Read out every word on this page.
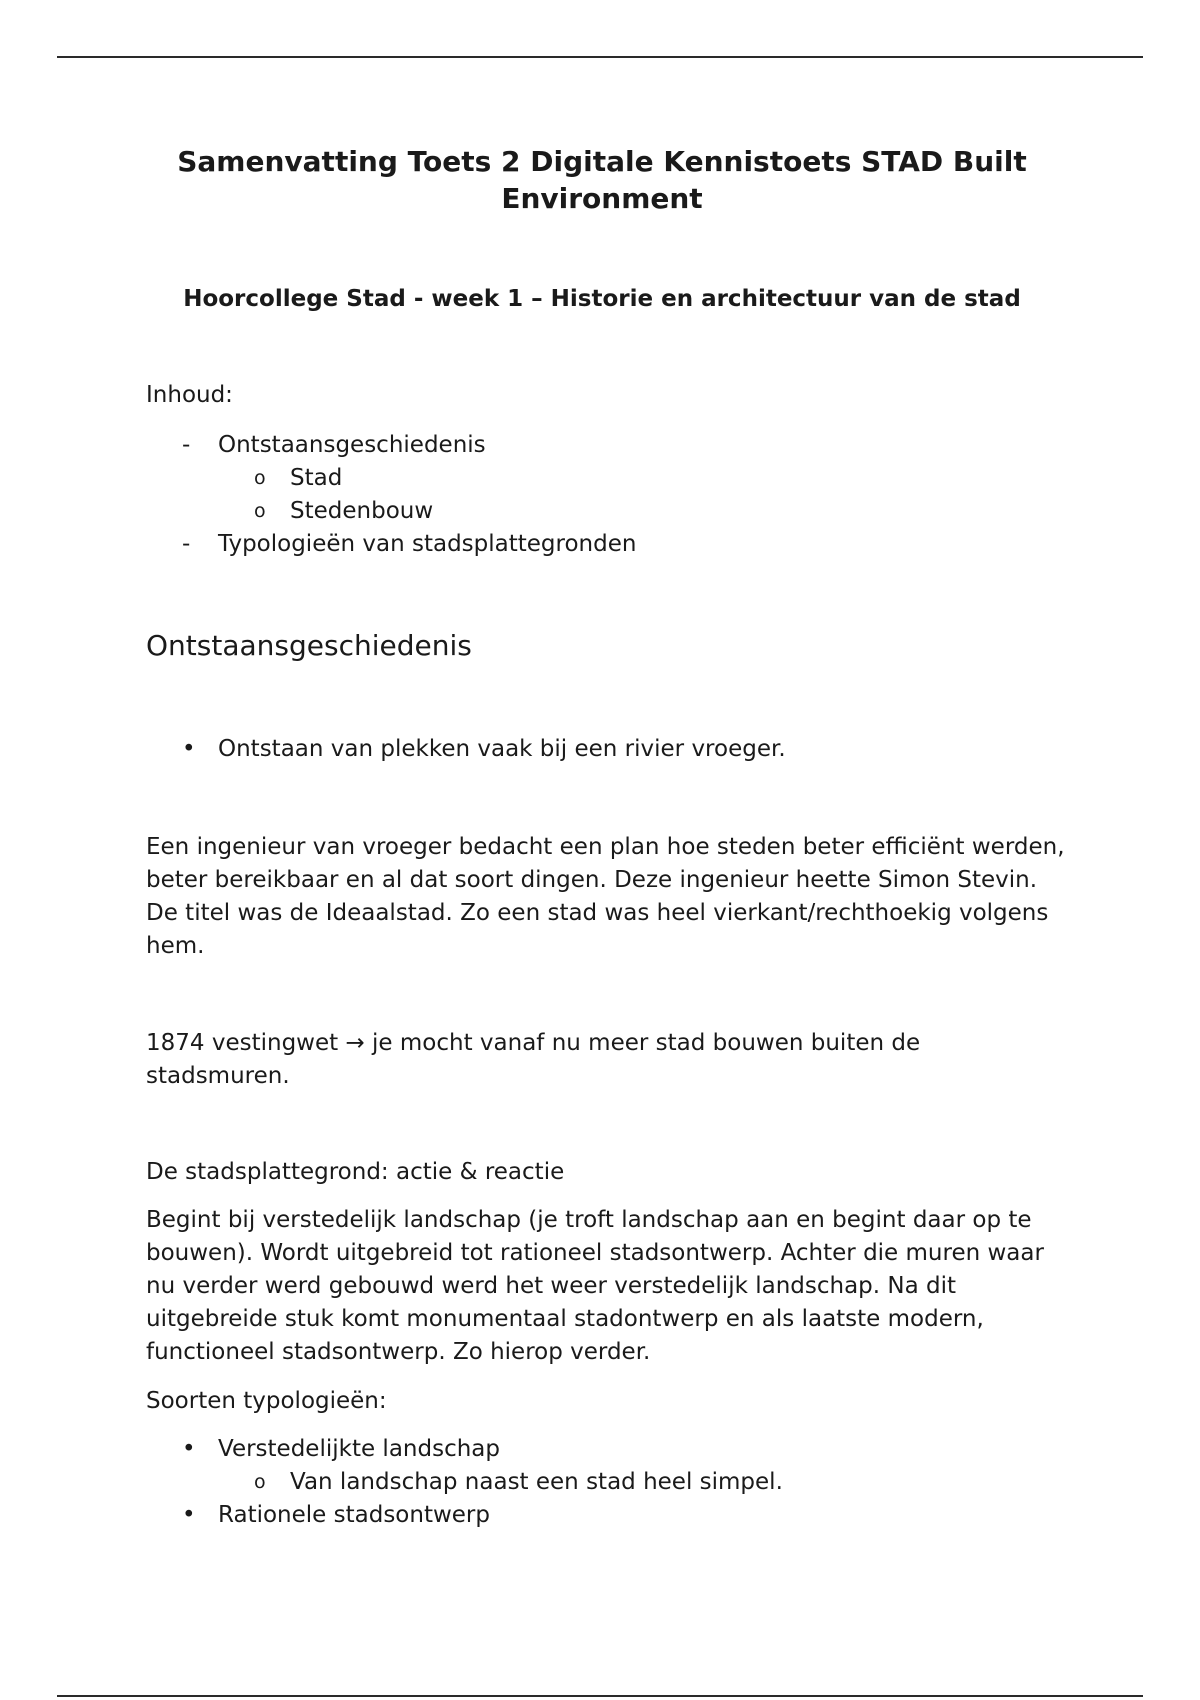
Samenvatting Toets 2 Digitale Kennistoets STAD Built Environment
Hoorcollege Stad - week 1 – Historie en architectuur van de stad

Inhoud:

- Ontstaansgeschiedenis
o Stad
o Stedenbouw
- Typologieën van stadsplattegronden
Ontstaansgeschiedenis
• Ontstaan van plekken vaak bij een rivier vroeger.

Een ingenieur van vroeger bedacht een plan hoe steden beter efficiënt werden, beter bereikbaar en al dat soort dingen. Deze ingenieur heette Simon Stevin. De titel was de Ideaalstad. Zo een stad was heel vierkant/rechthoekig volgens hem.

1874 vestingwet → je mocht vanaf nu meer stad bouwen buiten de stadsmuren.

De stadsplattegrond: actie & reactie

Begint bij verstedelijk landschap (je troft landschap aan en begint daar op te bouwen). Wordt uitgebreid tot rationeel stadsontwerp. Achter die muren waar nu verder werd gebouwd werd het weer verstedelijk landschap. Na dit uitgebreide stuk komt monumentaal stadontwerp en als laatste modern, functioneel stadsontwerp. Zo hierop verder.

Soorten typologieën:

• Verstedelijkte landschap
o Van landschap naast een stad heel simpel.
• Rationele stadsontwerp
